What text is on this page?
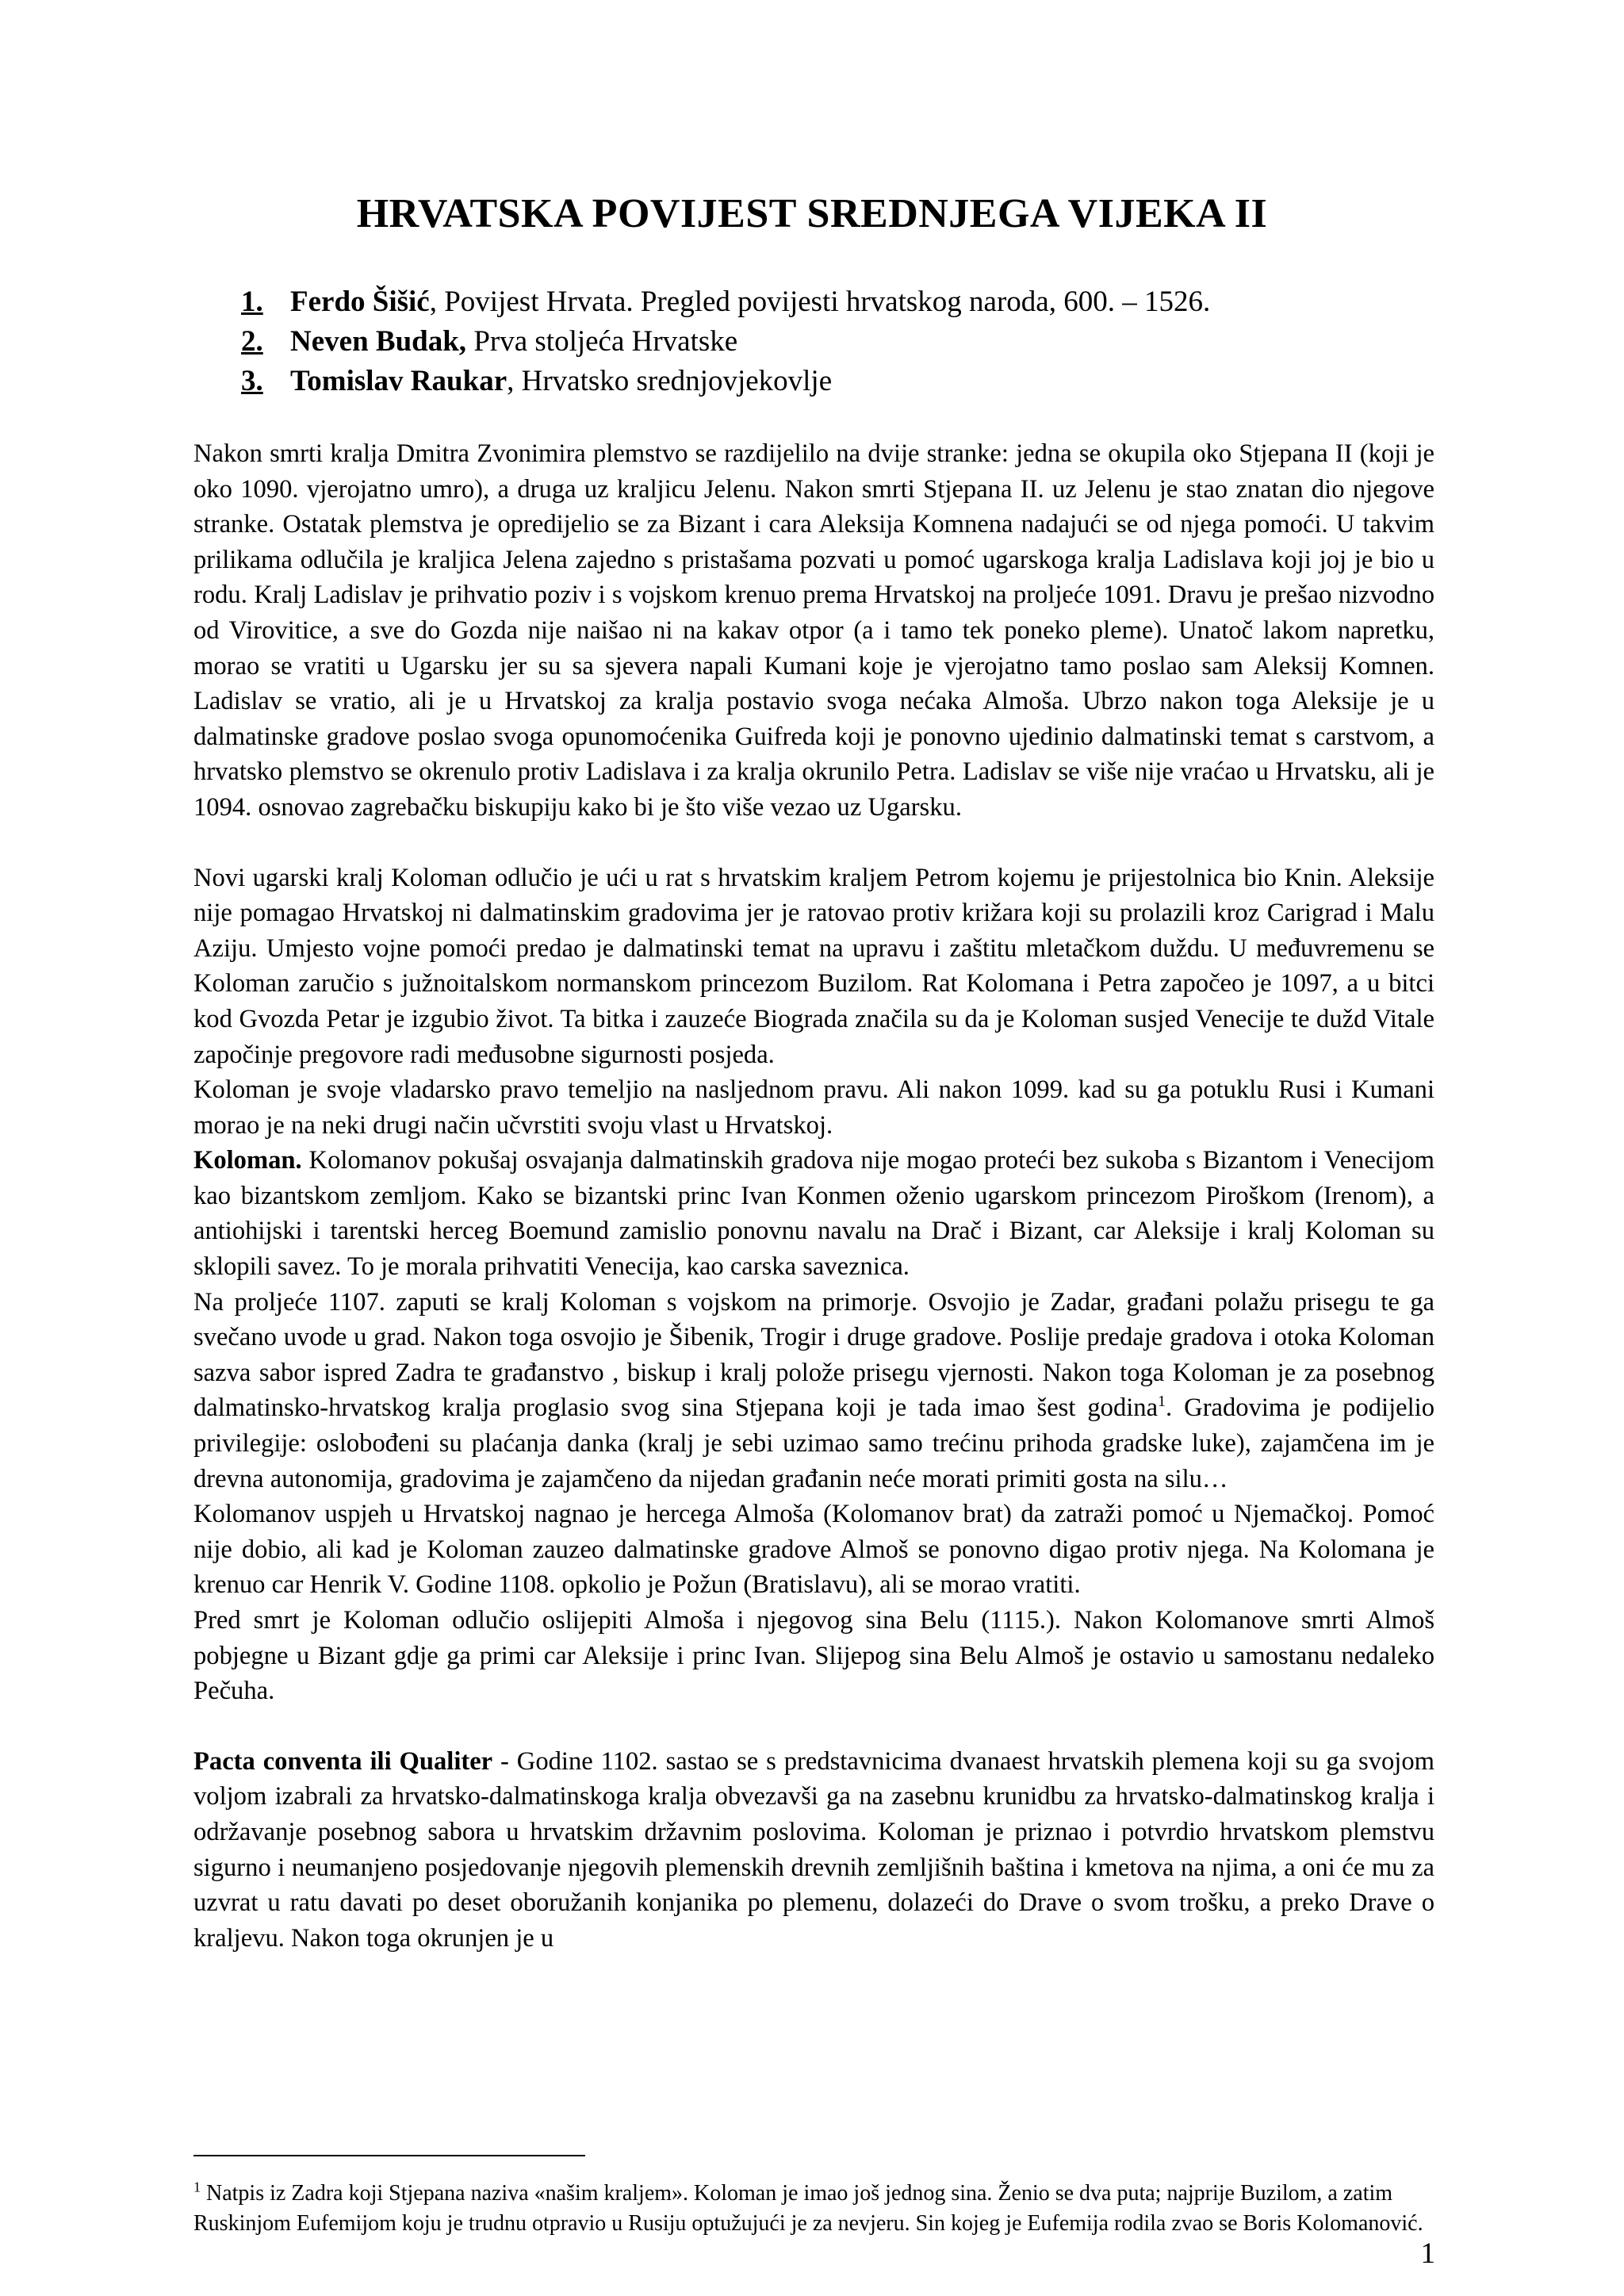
HRVATSKA POVIJEST SREDNJEGA VIJEKA II
1. Ferdo Šišić, Povijest Hrvata. Pregled povijesti hrvatskog naroda, 600. – 1526.
2. Neven Budak, Prva stoljeća Hrvatske
3. Tomislav Raukar, Hrvatsko srednjovjekovlje

Nakon smrti kralja Dmitra Zvonimira plemstvo se razdijelilo na dvije stranke: jedna se okupila oko Stjepana II (koji je oko 1090. vjerojatno umro), a druga uz kraljicu Jelenu. Nakon smrti Stjepana II. uz Jelenu je stao znatan dio njegove stranke. Ostatak plemstva je opredijelio se za Bizant i cara Aleksija Komnena nadajući se od njega pomoći. U takvim prilikama odlučila je kraljica Jelena zajedno s pristašama pozvati u pomoć ugarskoga kralja Ladislava koji joj je bio u rodu. Kralj Ladislav je prihvatio poziv i s vojskom krenuo prema Hrvatskoj na proljeće 1091. Dravu je prešao nizvodno od Virovitice, a sve do Gozda nije naišao ni na kakav otpor (a i tamo tek poneko pleme). Unatoč lakom napretku, morao se vratiti u Ugarsku jer su sa sjevera napali Kumani koje je vjerojatno tamo poslao sam Aleksij Komnen. Ladislav se vratio, ali je u Hrvatskoj za kralja postavio svoga nećaka Almoša. Ubrzo nakon toga Aleksije je u dalmatinske gradove poslao svoga opunomoćenika Guifreda koji je ponovno ujedinio dalmatinski temat s carstvom, a hrvatsko plemstvo se okrenulo protiv Ladislava i za kralja okrunilo Petra. Ladislav se više nije vraćao u Hrvatsku, ali je 1094. osnovao zagrebačku biskupiju kako bi je što više vezao uz Ugarsku.

Novi ugarski kralj Koloman odlučio je ući u rat s hrvatskim kraljem Petrom kojemu je prijestolnica bio Knin. Aleksije nije pomagao Hrvatskoj ni dalmatinskim gradovima jer je ratovao protiv križara koji su prolazili kroz Carigrad i Malu Aziju. Umjesto vojne pomoći predao je dalmatinski temat na upravu i zaštitu mletačkom duždu. U međuvremenu se Koloman zaručio s južnoitalskom normanskom princezom Buzilom. Rat Kolomana i Petra započeo je 1097, a u bitci kod Gvozda Petar je izgubio život. Ta bitka i zauzeće Biograda značila su da je Koloman susjed Venecije te dužd Vitale započinje pregovore radi međusobne sigurnosti posjeda.

Koloman je svoje vladarsko pravo temeljio na nasljednom pravu. Ali nakon 1099. kad su ga potuklu Rusi i Kumani morao je na neki drugi način učvrstiti svoju vlast u Hrvatskoj.

Koloman. Kolomanov pokušaj osvajanja dalmatinskih gradova nije mogao proteći bez sukoba s Bizantom i Venecijom kao bizantskom zemljom. Kako se bizantski princ Ivan Konmen oženio ugarskom princezom Piroškom (Irenom), a antiohijski i tarentski herceg Boemund zamislio ponovnu navalu na Drač i Bizant, car Aleksije i kralj Koloman su sklopili savez. To je morala prihvatiti Venecija, kao carska saveznica.

Na proljeće 1107. zaputi se kralj Koloman s vojskom na primorje. Osvojio je Zadar, građani polažu prisegu te ga svečano uvode u grad. Nakon toga osvojio je Šibenik, Trogir i druge gradove. Poslije predaje gradova i otoka Koloman sazva sabor ispred Zadra te građanstvo , biskup i kralj polože prisegu vjernosti. Nakon toga Koloman je za posebnog dalmatinsko-hrvatskog kralja proglasio svog sina Stjepana koji je tada imao šest godina$^1$. Gradovima je podijelio privilegije: oslobođeni su plaćanja danka (kralj je sebi uzimao samo trećinu prihoda gradske luke), zajamčena im je drevna autonomija, gradovima je zajamčeno da nijedan građanin neće morati primiti gosta na silu…

Kolomanov uspjeh u Hrvatskoj nagnao je hercega Almoša (Kolomanov brat) da zatraži pomoć u Njemačkoj. Pomoć nije dobio, ali kad je Koloman zauzeo dalmatinske gradove Almoš se ponovno digao protiv njega. Na Kolomana je krenuo car Henrik V. Godine 1108. opkolio je Požun (Bratislavu), ali se morao vratiti.

Pred smrt je Koloman odlučio oslijepiti Almoša i njegovog sina Belu (1115.). Nakon Kolomanove smrti Almoš pobjegne u Bizant gdje ga primi car Aleksije i princ Ivan. Slijepog sina Belu Almoš je ostavio u samostanu nedaleko Pečuha.

Pacta conventa ili Qualiter - Godine 1102. sastao se s predstavnicima dvanaest hrvatskih plemena koji su ga svojom voljom izabrali za hrvatsko-dalmatinskoga kralja obvezavši ga na zasebnu krunidbu za hrvatsko-dalmatinskog kralja i održavanje posebnog sabora u hrvatskim državnim poslovima. Koloman je priznao i potvrdio hrvatskom plemstvu sigurno i neumanjeno posjedovanje njegovih plemenskih drevnih zemljišnih baština i kmetova na njima, a oni će mu za uzvrat u ratu davati po deset oboružanih konjanika po plemenu, dolazeći do Drave o svom trošku, a preko Drave o kraljevu. Nakon toga okrunjen je u

$^1$ Natpis iz Zadra koji Stjepana naziva «našim kraljem». Koloman je imao još jednog sina. Ženio se dva puta; najprije Buzilom, a zatim Ruskinjom Eufemijom koju je trudnu otpravio u Rusiju optužujući je za nevjeru. Sin kojeg je Eufemija rodila zvao se Boris Kolomanović.
1
